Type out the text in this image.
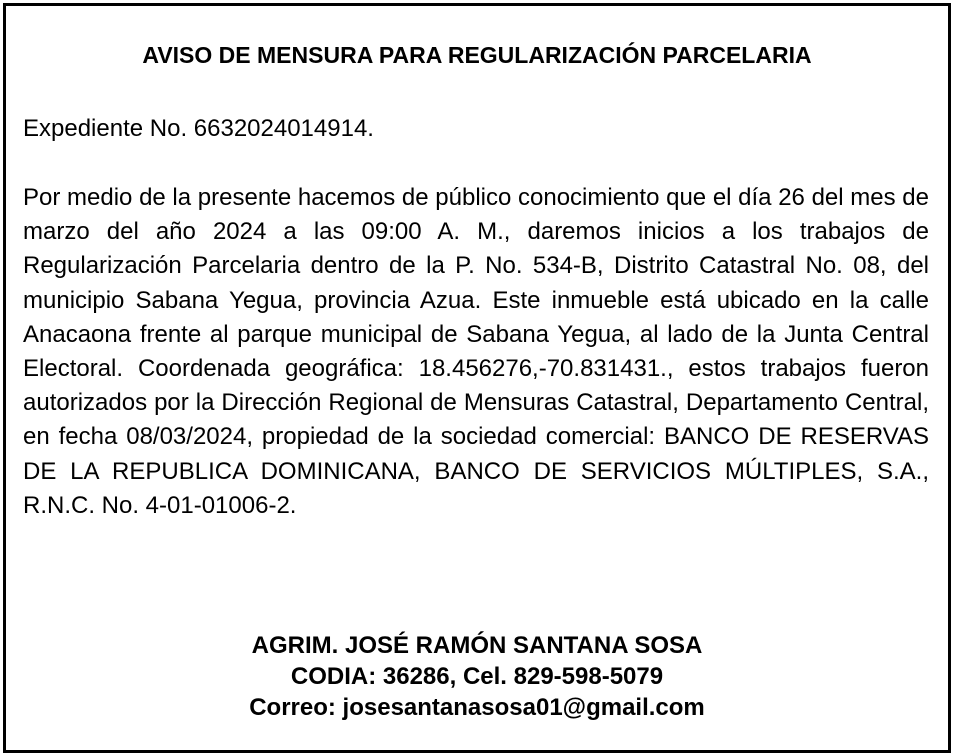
AVISO DE MENSURA PARA REGULARIZACIÓN PARCELARIA

Expediente No. 6632024014914.

Por medio de la presente hacemos de público conocimiento que el día 26 del mes de marzo del año 2024 a las 09:00 A. M., daremos inicios a los trabajos de Regularización Parcelaria dentro de la P. No. 534-B, Distrito Catastral No. 08, del municipio Sabana Yegua, provincia Azua. Este inmueble está ubicado en la calle Anacaona frente al parque municipal de Sabana Yegua, al lado de la Junta Central Electoral. Coordenada geográfica: 18.456276,-70.831431., estos trabajos fueron autorizados por la Dirección Regional de Mensuras Catastral, Departamento Central, en fecha 08/03/2024, propiedad de la sociedad comercial: BANCO DE RESERVAS DE LA REPUBLICA DOMINICANA, BANCO DE SERVICIOS MÚLTIPLES, S.A., R.N.C. No. 4-01-01006-2.

AGRIM. JOSÉ RAMÓN SANTANA SOSA
CODIA: 36286, Cel. 829-598-5079
Correo: josesantanasosa01@gmail.com
